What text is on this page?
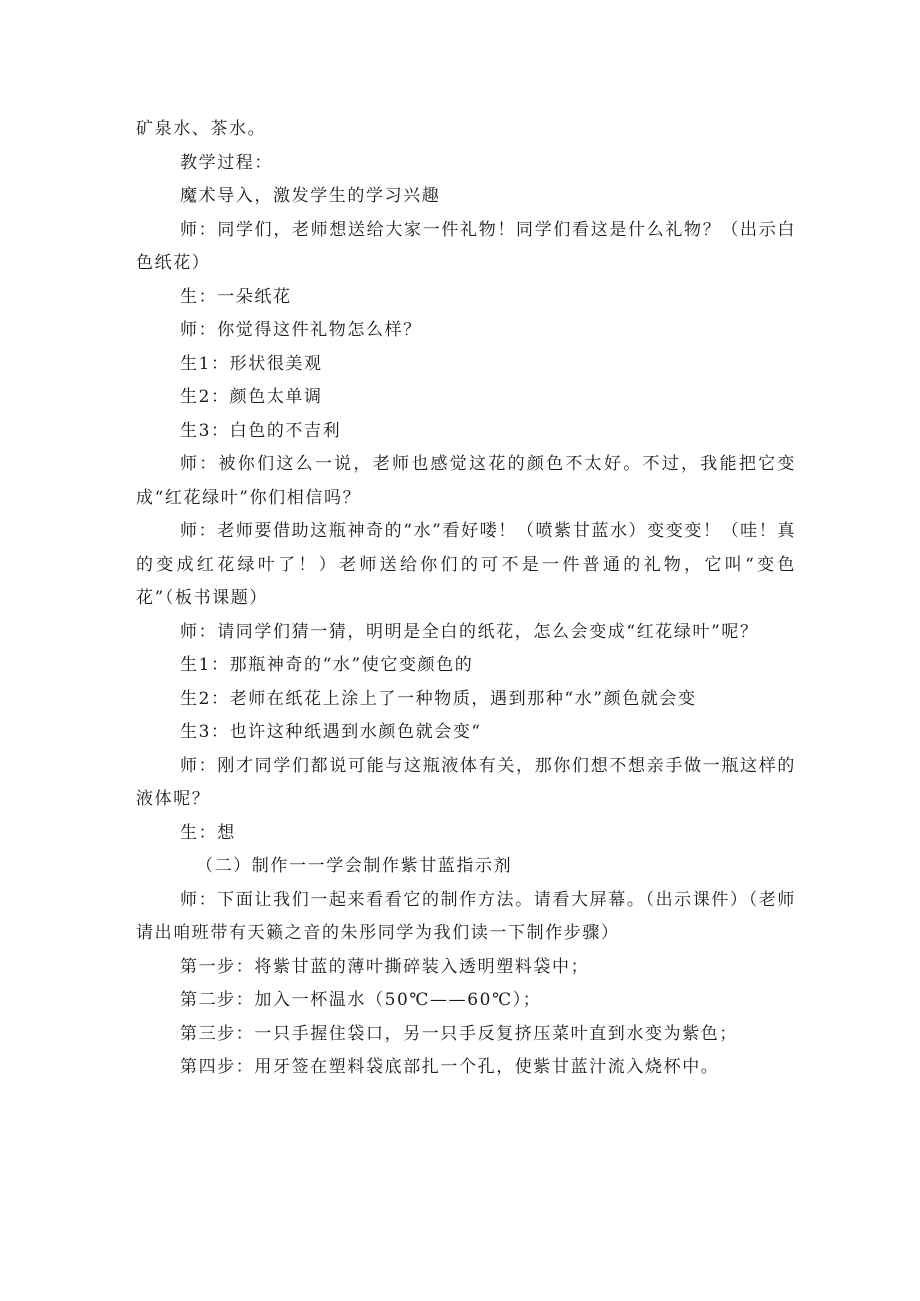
矿泉水、茶水。

教学过程：

魔术导入，激发学生的学习兴趣

师：同学们，老师想送给大家一件礼物！同学们看这是什么礼物？（出示白色纸花）

生：一朵纸花

师：你觉得这件礼物怎么样？

生1：形状很美观

生2：颜色太单调

生3：白色的不吉利

师：被你们这么一说，老师也感觉这花的颜色不太好。不过，我能把它变成“红花绿叶”你们相信吗？

师：老师要借助这瓶神奇的“水”看好喽！（喷紫甘蓝水）变变变！（哇！真的变成红花绿叶了！）老师送给你们的可不是一件普通的礼物，它叫“变色花”（板书课题）

师：请同学们猜一猜，明明是全白的纸花，怎么会变成“红花绿叶”呢？

生1：那瓶神奇的“水”使它变颜色的

生2：老师在纸花上涂上了一种物质，遇到那种“水”颜色就会变

生3：也许这种纸遇到水颜色就会变“

师：刚才同学们都说可能与这瓶液体有关，那你们想不想亲手做一瓶这样的液体呢？

生：想

（二）制作一一学会制作紫甘蓝指示剂

师：下面让我们一起来看看它的制作方法。请看大屏幕。（出示课件）（老师请出咱班带有天籁之音的朱彤同学为我们读一下制作步骤）

第一步：将紫甘蓝的薄叶撕碎装入透明塑料袋中；

第二步：加入一杯温水（50℃——60℃）；

第三步：一只手握住袋口，另一只手反复挤压菜叶直到水变为紫色；

第四步：用牙签在塑料袋底部扎一个孔，使紫甘蓝汁流入烧杯中。
